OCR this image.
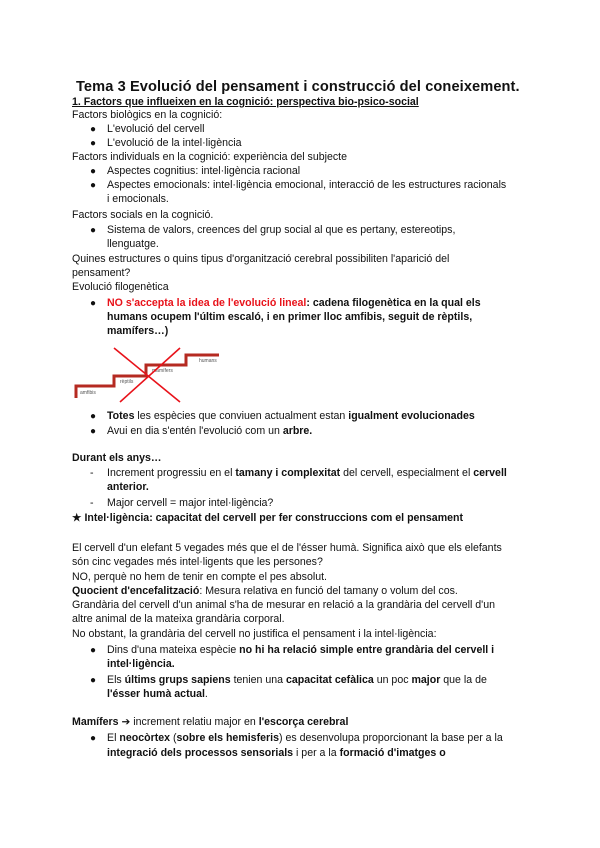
Tema 3 Evolució del pensament i construcció del coneixement.
1. Factors que influeixen en la cognició: perspectiva bio-psico-social
Factors biològics en la cognició:
● L'evolució del cervell
● L'evolució de la intel·ligència
Factors individuals en la cognició: experiència del subjecte
● Aspectes cognitius: intel·ligència racional
● Aspectes emocionals: intel·ligència emocional, interacció de les estructures racionals
i emocionals.
Factors socials en la cognició.
● Sistema de valors, creences del grup social al que es pertany, estereotips,
llenguatge.
Quines estructures o quins tipus d'organització cerebral possibiliten l'aparició del
pensament?
Evolució filogenètica
● NO s'accepta la idea de l'evolució lineal: cadena filogenètica en la qual els
humans ocupem l'últim escaló, i en primer lloc amfibis, seguit de rèptils,
mamífers…)
amfibis
rèptils
mamífers
humans
● Totes les espècies que conviuen actualment estan igualment evolucionades
● Avui en dia s'entén l'evolució com un arbre.
Durant els anys…
- Increment progressiu en el tamany i complexitat del cervell, especialment el cervell
anterior.
- Major cervell = major intel·ligència?
★ Intel·ligència: capacitat del cervell per fer construccions com el pensament
El cervell d'un elefant 5 vegades més que el de l'ésser humà. Significa això que els elefants
són cinc vegades més intel·ligents que les persones?
NO, perquè no hem de tenir en compte el pes absolut.
Quocient d'encefalització: Mesura relativa en funció del tamany o volum del cos.
Grandària del cervell d'un animal s'ha de mesurar en relació a la grandària del cervell d'un
altre animal de la mateixa grandària corporal.
No obstant, la grandària del cervell no justifica el pensament i la intel·ligència:
● Dins d'una mateixa espècie no hi ha relació simple entre grandària del cervell i
intel·ligència.
● Els últims grups sapiens tenien una capacitat cefàlica un poc major que la de
l'ésser humà actual.
Mamífers ➔ increment relatiu major en l'escorça cerebral
● El neocòrtex (sobre els hemisferis) es desenvolupa proporcionant la base per a la
integració dels processos sensorials i per a la formació d'imatges o
